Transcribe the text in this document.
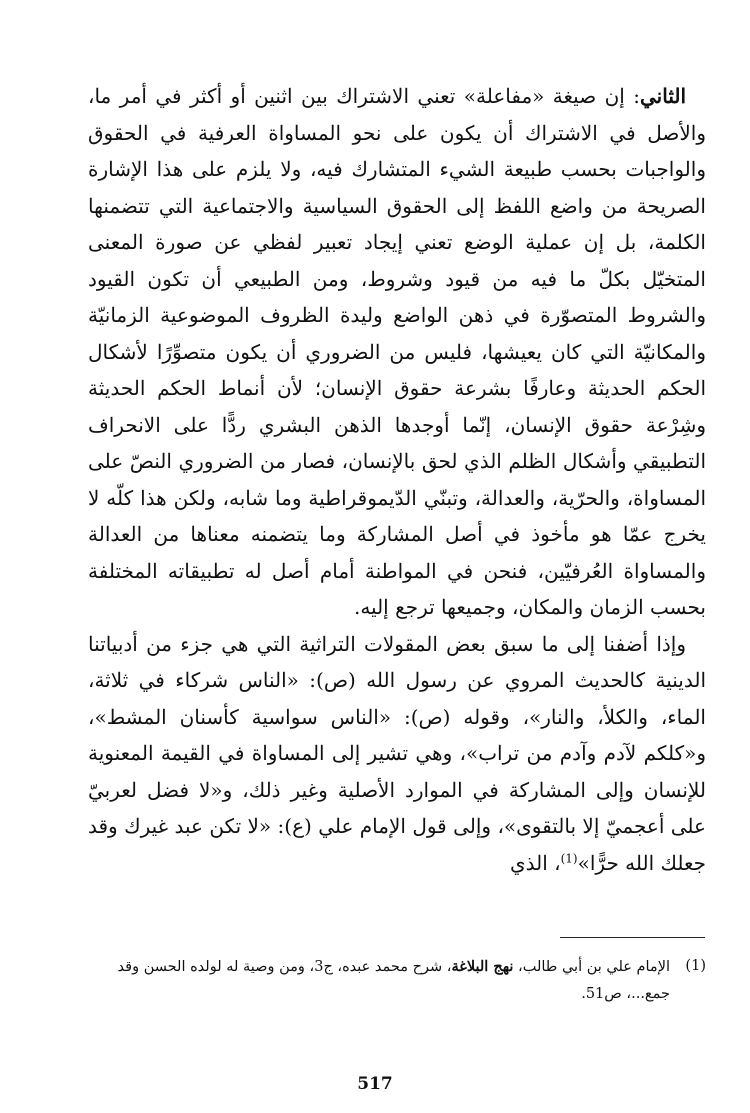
الثاني: إن صيغة «مفاعلة» تعني الاشتراك بين اثنين أو أكثر في أمر ما، والأصل في الاشتراك أن يكون على نحو المساواة العرفية في الحقوق والواجبات بحسب طبيعة الشيء المتشارك فيه، ولا يلزم على هذا الإشارة الصريحة من واضع اللفظ إلى الحقوق السياسية والاجتماعية التي تتضمنها الكلمة، بل إن عملية الوضع تعني إيجاد تعبير لفظي عن صورة المعنى المتخيّل بكلّ ما فيه من قيود وشروط، ومن الطبيعي أن تكون القيود والشروط المتصوّرة في ذهن الواضع وليدة الظروف الموضوعية الزمانيّة والمكانيّة التي كان يعيشها، فليس من الضروري أن يكون متصوِّرًا لأشكال الحكم الحديثة وعارفًا بشرعة حقوق الإنسان؛ لأن أنماط الحكم الحديثة وشِرْعة حقوق الإنسان، إنّما أوجدها الذهن البشري ردًّا على الانحراف التطبيقي وأشكال الظلم الذي لحق بالإنسان، فصار من الضروري النصّ على المساواة، والحرّية، والعدالة، وتبنّي الدّيموقراطية وما شابه، ولكن هذا كلّه لا يخرج عمّا هو مأخوذ في أصل المشاركة وما يتضمنه معناها من العدالة والمساواة العُرفيّين، فنحن في المواطنة أمام أصل له تطبيقاته المختلفة بحسب الزمان والمكان، وجميعها ترجع إليه.

وإذا أضفنا إلى ما سبق بعض المقولات التراثية التي هي جزء من أدبياتنا الدينية كالحديث المروي عن رسول الله (ص): «الناس شركاء في ثلاثة، الماء، والكلأ، والنار»، وقوله (ص): «الناس سواسية كأسنان المشط»، و«كلكم لآدم وآدم من تراب»، وهي تشير إلى المساواة في القيمة المعنوية للإنسان وإلى المشاركة في الموارد الأصلية وغير ذلك، و«لا فضل لعربيّ على أعجميّ إلا بالتقوى»، وإلى قول الإمام علي (ع): «لا تكن عبد غيرك وقد جعلك الله حرًّا»$^{(1)}$، الذي

(1)
الإمام علي بن أبي طالب، نهج البلاغة، شرح محمد عبده، ج3، ومن وصية له لولده الحسن وقد جمع...، ص51.
517
